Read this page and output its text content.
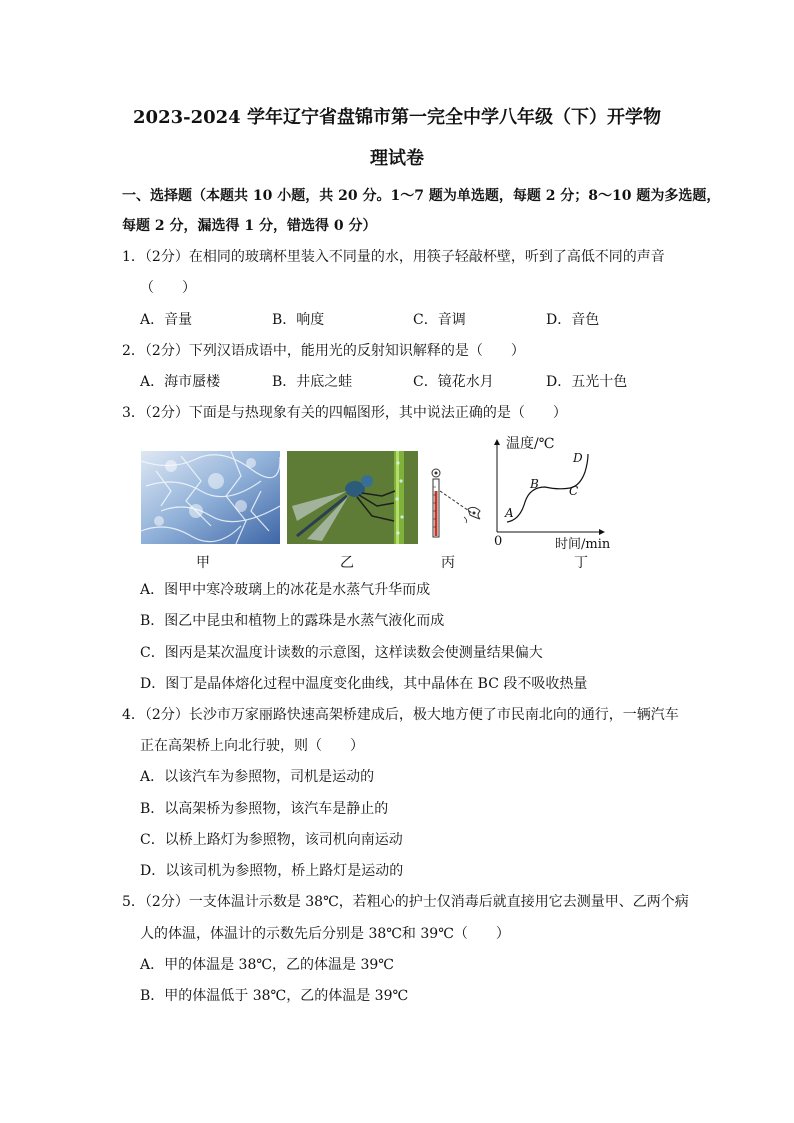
2023-2024 学年辽宁省盘锦市第一完全中学八年级（下）开学物
理试卷
一、选择题（本题共 10 小题，共 20 分。1～7 题为单选题，每题 2 分；8～10 题为多选题，
每题 2 分，漏选得 1 分，错选得 0 分）
1．（2分）在相同的玻璃杯里装入不同量的水，用筷子轻敲杯壁，听到了高低不同的声音
（　　）
A．音量	B．响度	C．音调	D．音色
2．（2分）下列汉语成语中，能用光的反射知识解释的是（　　）
A．海市蜃楼	B．井底之蛙	C．镜花水月	D．五光十色
3．（2分）下面是与热现象有关的四幅图形，其中说法正确的是（　　）
甲	乙	丙
温度/℃
时间/min
0
A
B	C
D
丁
A．图甲中寒冷玻璃上的冰花是水蒸气升华而成
B．图乙中昆虫和植物上的露珠是水蒸气液化而成
C．图丙是某次温度计读数的示意图，这样读数会使测量结果偏大
D．图丁是晶体熔化过程中温度变化曲线，其中晶体在 BC 段不吸收热量
4．（2分）长沙市万家丽路快速高架桥建成后，极大地方便了市民南北向的通行，一辆汽车
正在高架桥上向北行驶，则（　　）
A．以该汽车为参照物，司机是运动的
B．以高架桥为参照物，该汽车是静止的
C．以桥上路灯为参照物，该司机向南运动
D．以该司机为参照物，桥上路灯是运动的
5．（2分）一支体温计示数是 38℃，若粗心的护士仅消毒后就直接用它去测量甲、乙两个病
人的体温，体温计的示数先后分别是 38℃和 39℃（　　）
A．甲的体温是 38℃，乙的体温是 39℃
B．甲的体温低于 38℃，乙的体温是 39℃
